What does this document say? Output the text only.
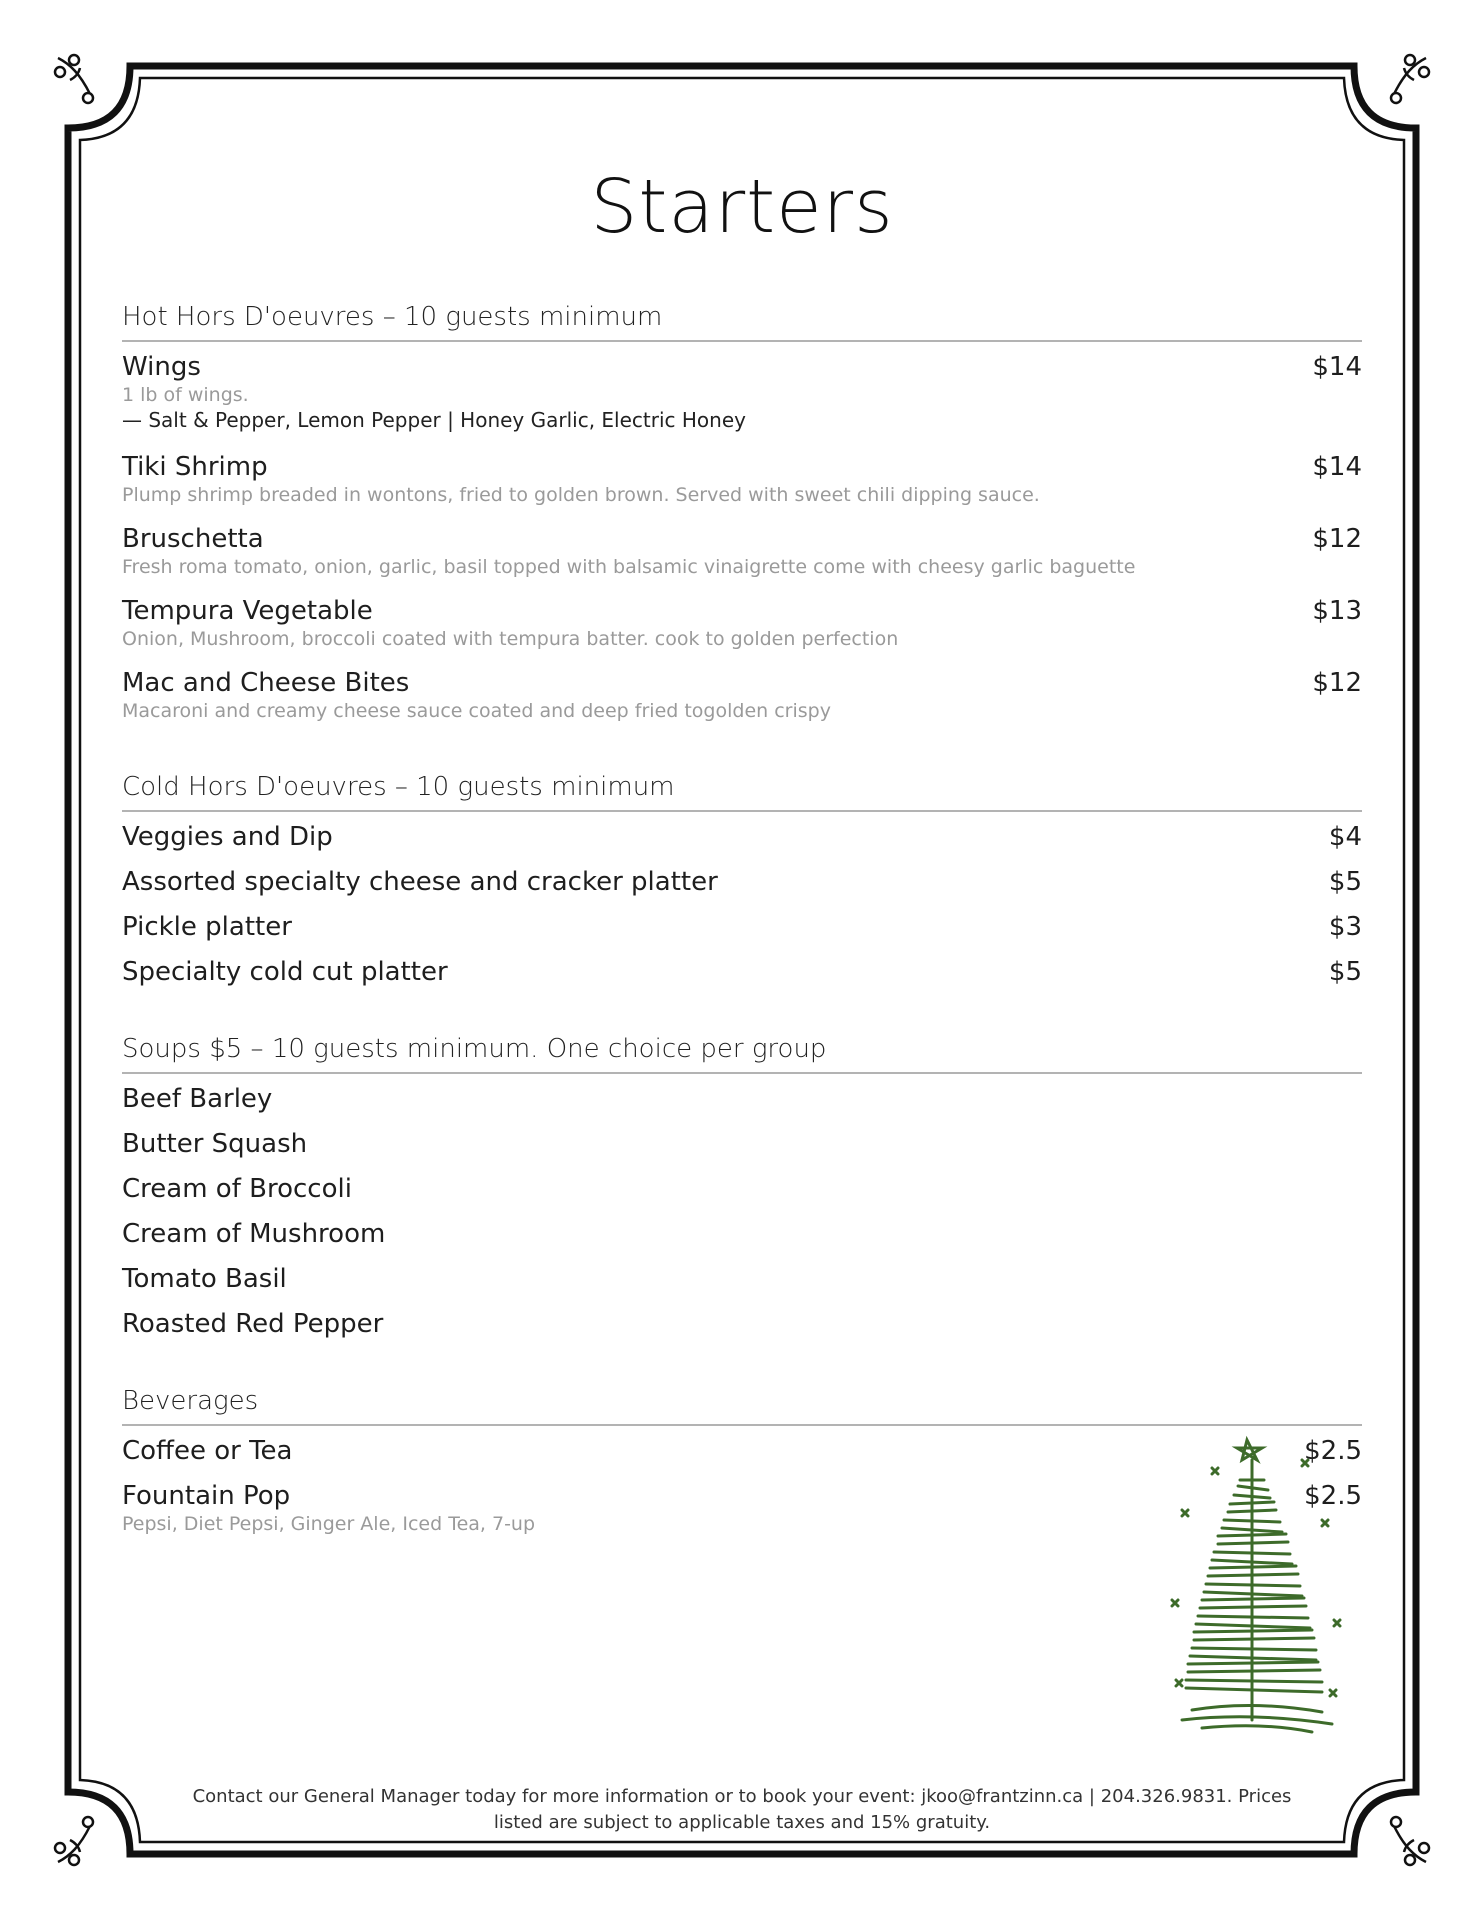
Starters
Hot Hors D'oeuvres – 10 guests minimum
Wings	$14
1 lb of wings.
— Salt & Pepper, Lemon Pepper | Honey Garlic, Electric Honey
Tiki Shrimp	$14
Plump shrimp breaded in wontons, fried to golden brown. Served with sweet chili dipping sauce.
Bruschetta	$12
Fresh roma tomato, onion, garlic, basil topped with balsamic vinaigrette come with cheesy garlic baguette
Tempura Vegetable	$13
Onion, Mushroom, broccoli coated with tempura batter. cook to golden perfection
Mac and Cheese Bites	$12
Macaroni and creamy cheese sauce coated and deep fried togolden crispy
Cold Hors D'oeuvres – 10 guests minimum
Veggies and Dip	$4
Assorted specialty cheese and cracker platter	$5
Pickle platter	$3
Specialty cold cut platter	$5
Soups $5 – 10 guests minimum. One choice per group
Beef Barley
Butter Squash
Cream of Broccoli
Cream of Mushroom
Tomato Basil
Roasted Red Pepper
Beverages
Coffee or Tea	$2.5
Fountain Pop	$2.5
Pepsi, Diet Pepsi, Ginger Ale, Iced Tea, 7-up
Contact our General Manager today for more information or to book your event: jkoo@frantzinn.ca | 204.326.9831. Prices
listed are subject to applicable taxes and 15% gratuity.
